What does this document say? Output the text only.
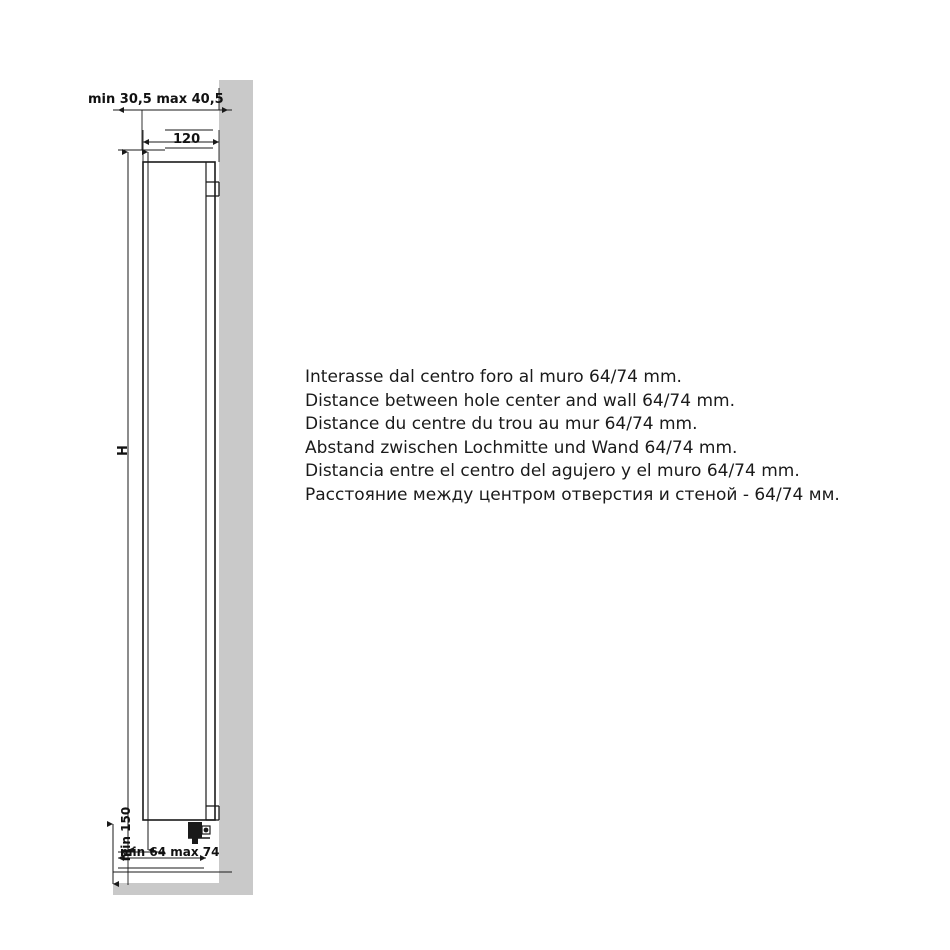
min 30,5 max 40,5
120
H
min 150
min 64 max 74
Interasse dal centro foro al muro 64/74 mm.
Distance between hole center and wall 64/74 mm.
Distance du centre du trou au mur 64/74 mm.
Abstand zwischen Lochmitte und Wand 64/74 mm.
Distancia entre el centro del agujero y el muro 64/74 mm.
Расстояние между центром отверстия и стеной - 64/74 мм.
